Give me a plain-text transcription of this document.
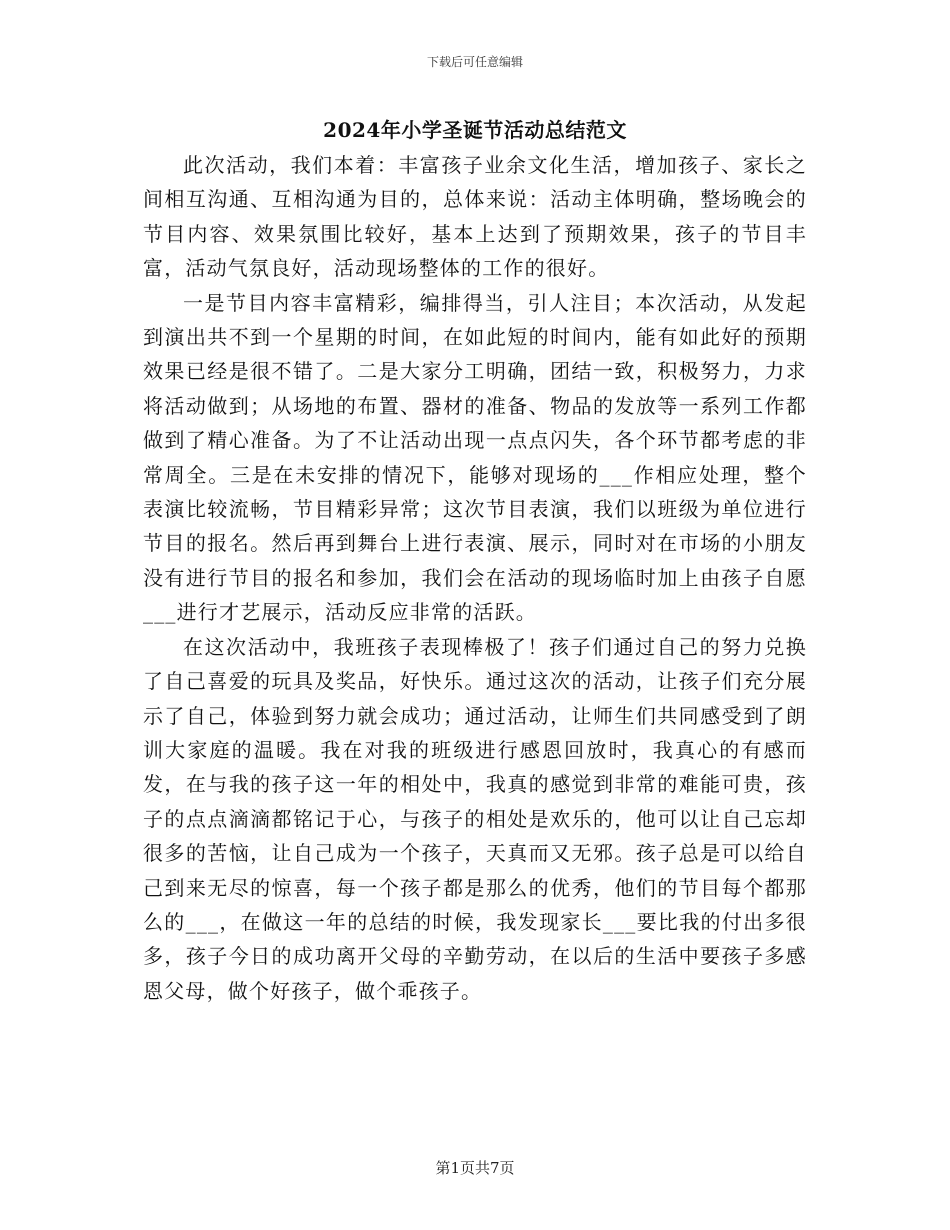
下载后可任意编辑
2024年小学圣诞节活动总结范文

此次活动，我们本着：丰富孩子业余文化生活，增加孩子、家长之间相互沟通、互相沟通为目的，总体来说：活动主体明确，整场晚会的节目内容、效果氛围比较好，基本上达到了预期效果，孩子的节目丰富，活动气氛良好，活动现场整体的工作的很好。

一是节目内容丰富精彩，编排得当，引人注目；本次活动，从发起到演出共不到一个星期的时间，在如此短的时间内，能有如此好的预期效果已经是很不错了。二是大家分工明确，团结一致，积极努力，力求将活动做到；从场地的布置、器材的准备、物品的发放等一系列工作都做到了精心准备。为了不让活动出现一点点闪失，各个环节都考虑的非常周全。三是在未安排的情况下，能够对现场的___作相应处理，整个表演比较流畅，节目精彩异常；这次节目表演，我们以班级为单位进行节目的报名。然后再到舞台上进行表演、展示，同时对在市场的小朋友没有进行节目的报名和参加，我们会在活动的现场临时加上由孩子自愿___进行才艺展示，活动反应非常的活跃。

在这次活动中，我班孩子表现棒极了！孩子们通过自己的努力兑换了自己喜爱的玩具及奖品，好快乐。通过这次的活动，让孩子们充分展示了自己，体验到努力就会成功；通过活动，让师生们共同感受到了朗训大家庭的温暖。我在对我的班级进行感恩回放时，我真心的有感而发，在与我的孩子这一年的相处中，我真的感觉到非常的难能可贵，孩子的点点滴滴都铭记于心，与孩子的相处是欢乐的，他可以让自己忘却很多的苦恼，让自己成为一个孩子，天真而又无邪。孩子总是可以给自己到来无尽的惊喜，每一个孩子都是那么的优秀，他们的节目每个都那么的___，在做这一年的总结的时候，我发现家长___要比我的付出多很多，孩子今日的成功离开父母的辛勤劳动，在以后的生活中要孩子多感恩父母，做个好孩子，做个乖孩子。

第1页共7页
